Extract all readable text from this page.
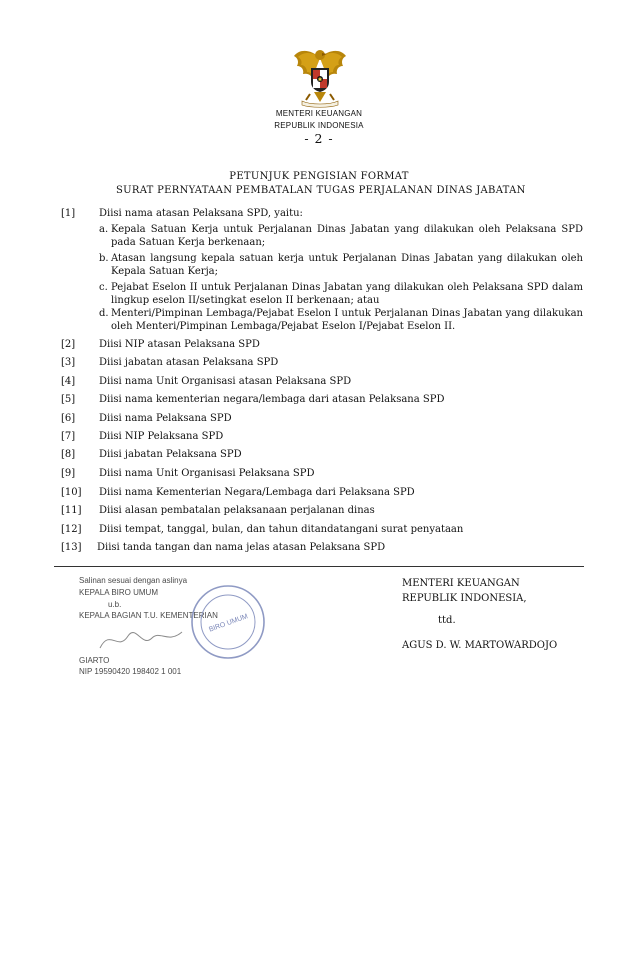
MENTERI KEUANGAN
REPUBLIK INDONESIA
- 2 -
PETUNJUK PENGISIAN FORMAT
SURAT PERNYATAAN PEMBATALAN TUGAS PERJALANAN DINAS JABATAN
[1] Diisi nama atasan Pelaksana SPD, yaitu:
a. Kepala Satuan Kerja untuk Perjalanan Dinas Jabatan yang dilakukan oleh Pelaksana SPD pada Satuan Kerja berkenaan;
b. Atasan langsung kepala satuan kerja untuk Perjalanan Dinas Jabatan yang dilakukan oleh Kepala Satuan Kerja;
c. Pejabat Eselon II untuk Perjalanan Dinas Jabatan yang dilakukan oleh Pelaksana SPD dalam lingkup eselon II/setingkat eselon II berkenaan; atau
d. Menteri/Pimpinan Lembaga/Pejabat Eselon I untuk Perjalanan Dinas Jabatan yang dilakukan oleh Menteri/Pimpinan Lembaga/Pejabat Eselon I/Pejabat Eselon II.
[2] Diisi NIP atasan Pelaksana SPD
[3] Diisi jabatan atasan Pelaksana SPD
[4] Diisi nama Unit Organisasi atasan Pelaksana SPD
[5] Diisi nama kementerian negara/lembaga dari atasan Pelaksana SPD
[6] Diisi nama Pelaksana SPD
[7] Diisi NIP Pelaksana SPD
[8] Diisi jabatan Pelaksana SPD
[9] Diisi nama Unit Organisasi Pelaksana SPD
[10] Diisi nama Kementerian Negara/Lembaga dari Pelaksana SPD
[11] Diisi alasan pembatalan pelaksanaan perjalanan dinas
[12] Diisi tempat, tanggal, bulan, dan tahun ditandatangani surat penyataan
[13] Diisi tanda tangan dan nama jelas atasan Pelaksana SPD
Salinan sesuai dengan aslinya
KEPALA BIRO UMUM
u.b.
KEPALA BAGIAN T.U. KEMENTERIAN
GIARTO
NIP 19590420 198402 1 001
BIRO UMUM
MENTERI KEUANGAN
REPUBLIK INDONESIA,
ttd.
AGUS D. W. MARTOWARDOJO
